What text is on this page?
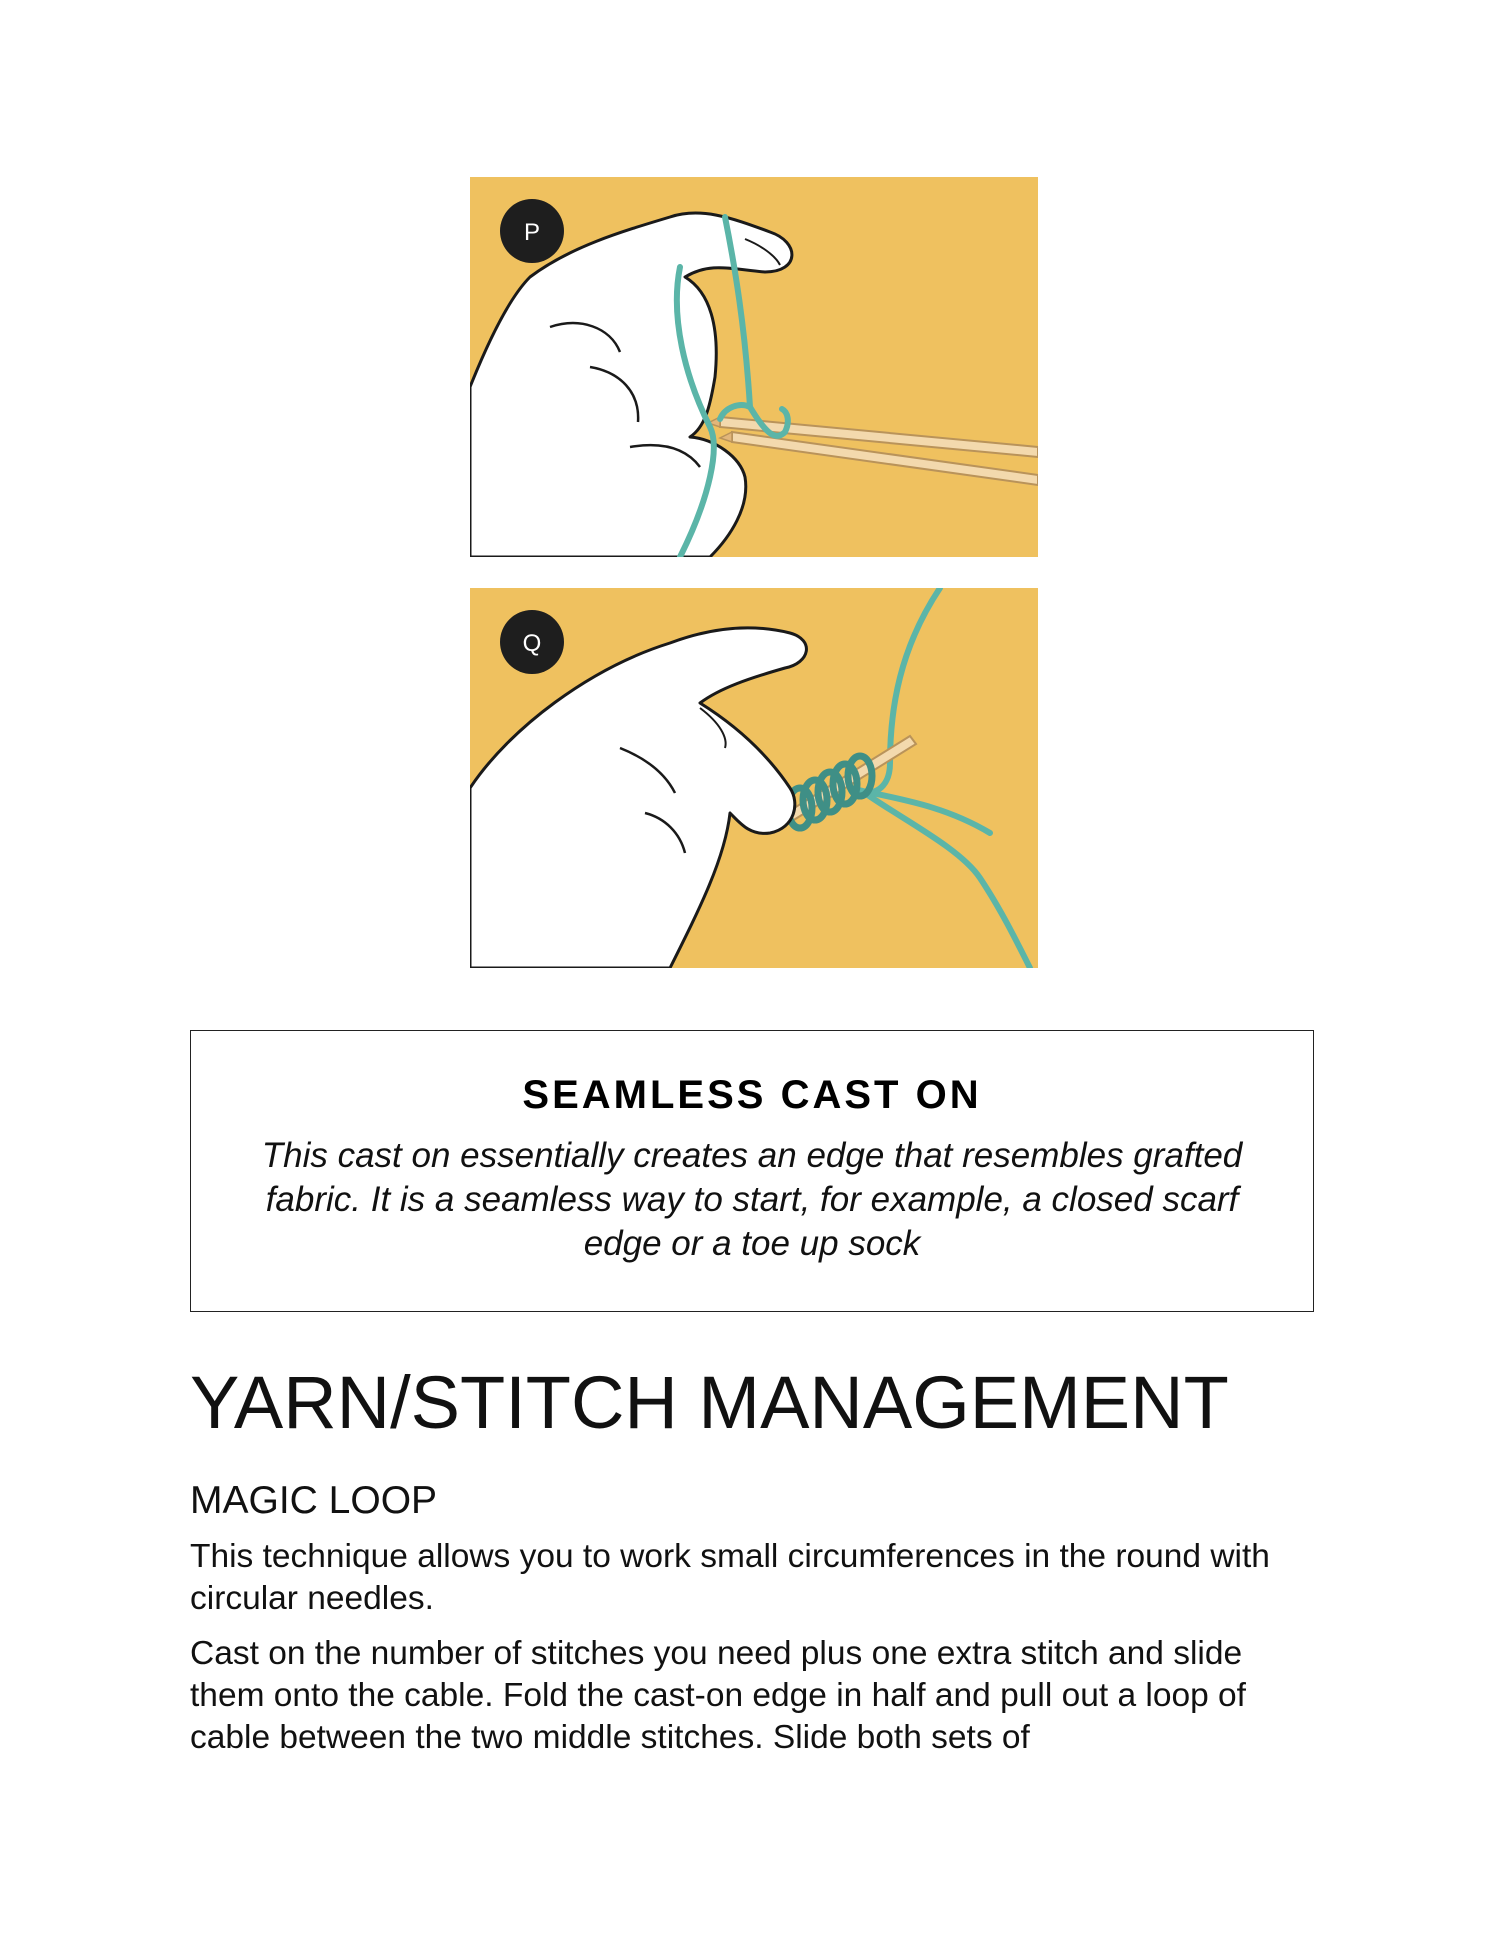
P
Q
SEAMLESS CAST ON
This cast on essentially creates an edge that resembles grafted fabric. It is a seamless way to start, for example, a closed scarf edge or a toe up sock
YARN/STITCH MANAGEMENT
MAGIC LOOP

This technique allows you to work small circumferences in the round with circular needles.

Cast on the number of stitches you need plus one extra stitch and slide them onto the cable. Fold the cast-on edge in half and pull out a loop of cable between the two middle stitches. Slide both sets of
